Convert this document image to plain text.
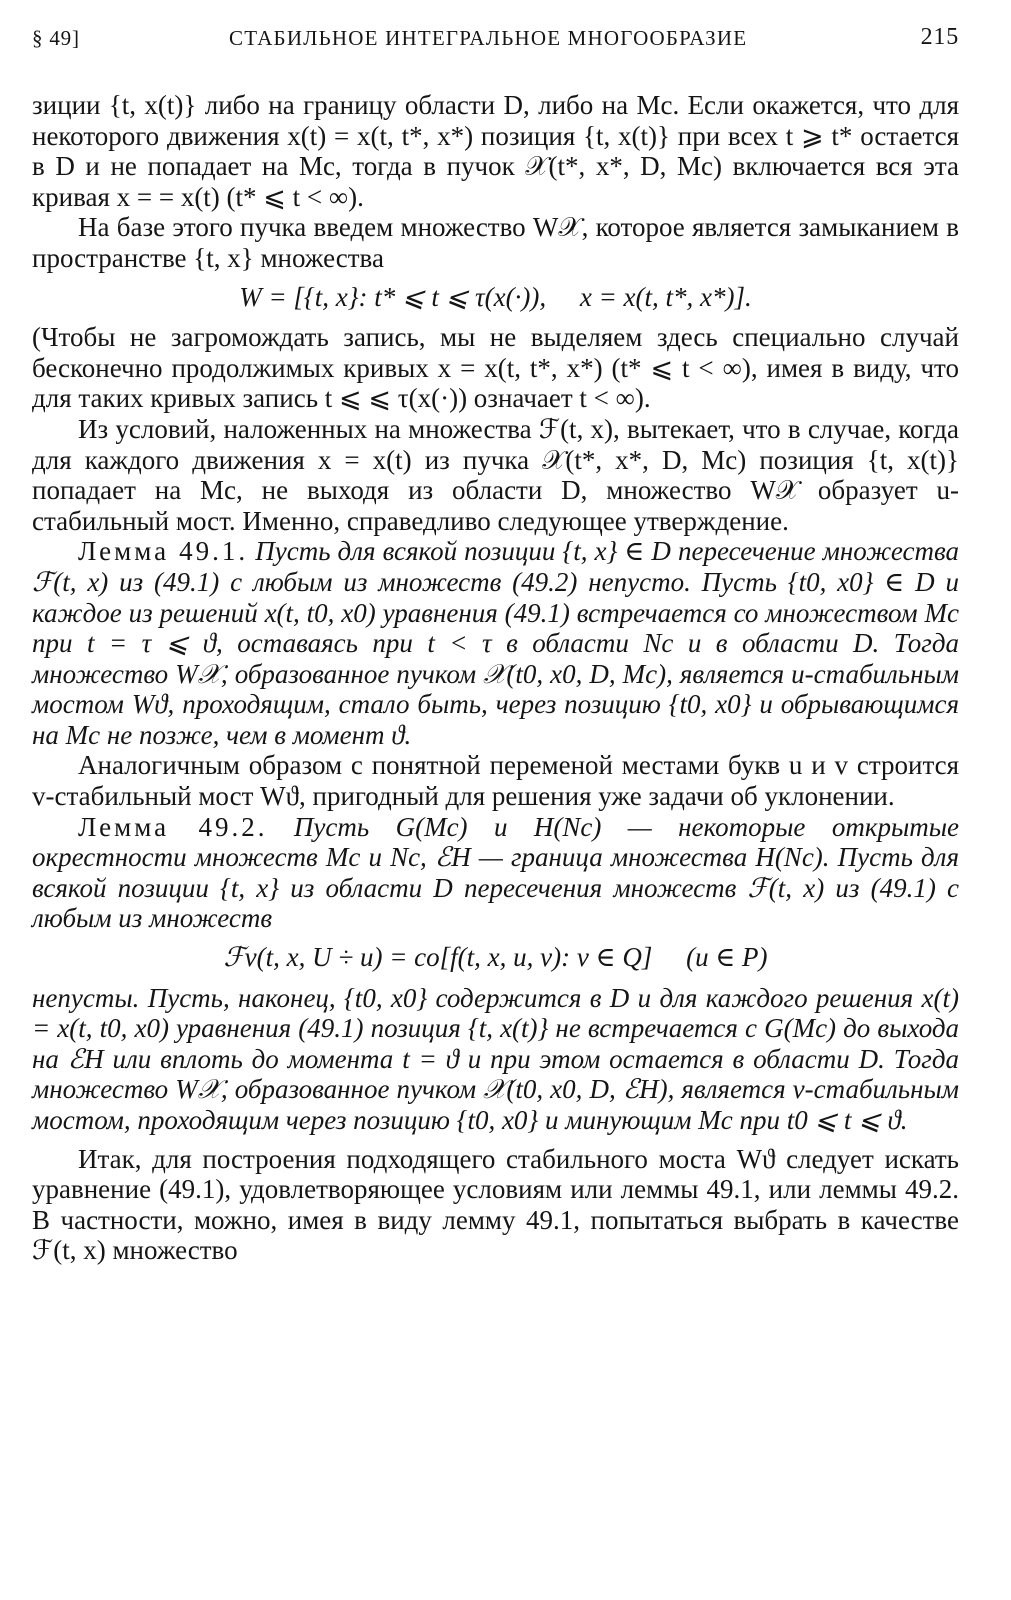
§ 49]	СТАБИЛЬНОЕ ИНТЕГРАЛЬНОЕ МНОГООБРАЗИЕ	215

зиции {t, x(t)} либо на границу области D, либо на Mc. Если окажется, что для некоторого движения x(t) = x(t, t*, x*) позиция {t, x(t)} при всех t ⩾ t* остается в D и не попадает на Mc, тогда в пучок 𝒳(t*, x*, D, Mc) включается вся эта кривая x = = x(t) (t* ⩽ t < ∞).

На базе этого пучка введем множество W𝒳, которое является замыканием в пространстве {t, x} множества

W = [{t, x}: t* ⩽ t ⩽ τ(x(·)),     x = x(t, t*, x*)].

(Чтобы не загромождать запись, мы не выделяем здесь специально случай бесконечно продолжимых кривых x = x(t, t*, x*) (t* ⩽ t < ∞), имея в виду, что для таких кривых запись t ⩽ ⩽ τ(x(·)) означает t < ∞).

Из условий, наложенных на множества ℱ(t, x), вытекает, что в случае, когда для каждого движения x = x(t) из пучка 𝒳(t*, x*, D, Mc) позиция {t, x(t)} попадает на Mc, не выходя из области D, множество W𝒳 образует u-стабильный мост. Именно, справедливо следующее утверждение.

Лемма 49.1. Пусть для всякой позиции {t, x} ∈ D пересечение множества ℱ(t, x) из (49.1) с любым из множеств (49.2) непусто. Пусть {t0, x0} ∈ D и каждое из решений x(t, t0, x0) уравнения (49.1) встречается со множеством Mc при t = τ ⩽ ϑ, оставаясь при t < τ в области Nc и в области D. Тогда множество W𝒳, образованное пучком 𝒳(t0, x0, D, Mc), является u-стабильным мостом Wϑ, проходящим, стало быть, через позицию {t0, x0} и обрывающимся на Mc не позже, чем в момент ϑ.

Аналогичным образом с понятной переменой местами букв u и v строится v-стабильный мост Wϑ, пригодный для решения уже задачи об уклонении.

Лемма 49.2. Пусть G(Mc) и H(Nc) — некоторые открытые окрестности множеств Mc и Nc, ℰH — граница множества H(Nc). Пусть для всякой позиции {t, x} из области D пересечения множеств ℱ(t, x) из (49.1) с любым из множеств

ℱv(t, x, U ÷ u) = co[f(t, x, u, v): v ∈ Q]     (u ∈ P)

непусты. Пусть, наконец, {t0, x0} содержится в D и для каждого решения x(t) = x(t, t0, x0) уравнения (49.1) позиция {t, x(t)} не встречается с G(Mc) до выхода на ℰH или вплоть до момента t = ϑ и при этом остается в области D. Тогда множество W𝒳, образованное пучком 𝒳(t0, x0, D, ℰH), является v-стабильным мостом, проходящим через позицию {t0, x0} и минующим Mc при t0 ⩽ t ⩽ ϑ.

Итак, для построения подходящего стабильного моста Wϑ следует искать уравнение (49.1), удовлетворяющее условиям или леммы 49.1, или леммы 49.2. В частности, можно, имея в виду лемму 49.1, попытаться выбрать в качестве ℱ(t, x) множество
